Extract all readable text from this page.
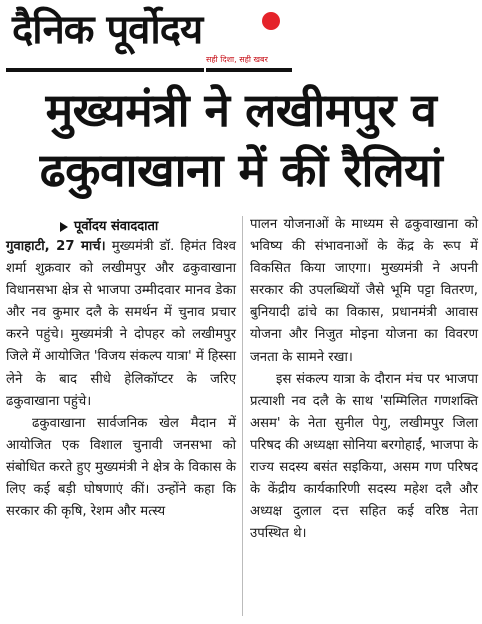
दैनिक पूर्वोदय
सही दिशा, सही खबर
मुख्यमंत्री ने लखीमपुर व
ढकुवाखाना में कीं रैलियां
पूर्वोदय संवाददाता

गुवाहाटी, 27 मार्च। मुख्यमंत्री डॉ. हिमंत विश्व शर्मा शुक्रवार को लखीमपुर और ढकुवाखाना विधानसभा क्षेत्र से भाजपा उम्मीदवार मानव डेका और नव कुमार दलै के समर्थन में चुनाव प्रचार करने पहुंचे। मुख्यमंत्री ने दोपहर को लखीमपुर जिले में आयोजित 'विजय संकल्प यात्रा' में हिस्सा लेने के बाद सीधे हेलिकॉप्टर के जरिए ढकुवाखाना पहुंचे।

ढकुवाखाना सार्वजनिक खेल मैदान में आयोजित एक विशाल चुनावी जनसभा को संबोधित करते हुए मुख्यमंत्री ने क्षेत्र के विकास के लिए कई बड़ी घोषणाएं कीं। उन्होंने कहा कि सरकार की कृषि, रेशम और मत्स्य

पालन योजनाओं के माध्यम से ढकुवाखाना को भविष्य की संभावनाओं के केंद्र के रूप में विकसित किया जाएगा। मुख्यमंत्री ने अपनी सरकार की उपलब्धियों जैसे भूमि पट्टा वितरण, बुनियादी ढांचे का विकास, प्रधानमंत्री आवास योजना और निजुत मोइना योजना का विवरण जनता के सामने रखा।

इस संकल्प यात्रा के दौरान मंच पर भाजपा प्रत्याशी नव दलै के साथ 'सम्मिलित गणशक्ति असम' के नेता सुनील पेगु, लखीमपुर जिला परिषद की अध्यक्षा सोनिया बरगोहाईं, भाजपा के राज्य सदस्य बसंत सइकिया, असम गण परिषद के केंद्रीय कार्यकारिणी सदस्य महेश दलै और अध्यक्ष दुलाल दत्त सहित कई वरिष्ठ नेता उपस्थित थे।
